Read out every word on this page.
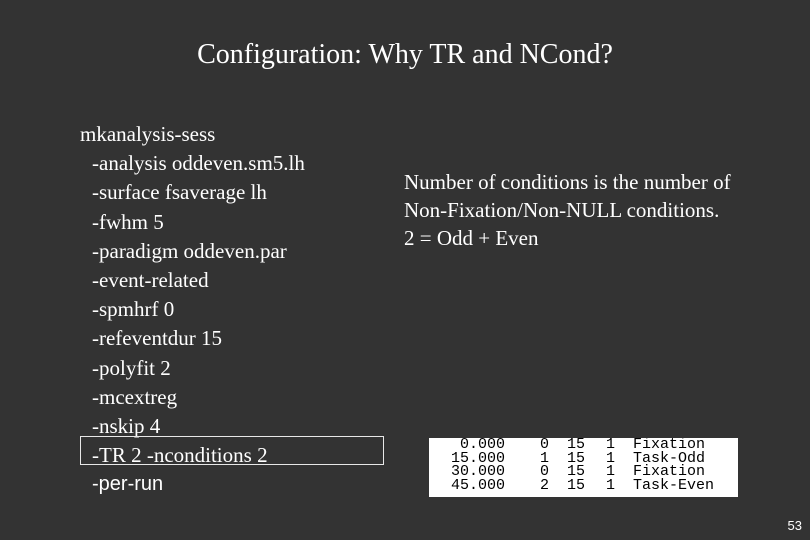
Configuration: Why TR and NCond?
mkanalysis-sess
-analysis oddeven.sm5.lh
-surface fsaverage lh
-fwhm 5
-paradigm oddeven.par
-event-related
-spmhrf 0
-refeventdur 15
-polyfit 2
-mcextreg
-nskip 4
-TR 2 -nconditions 2
-per-run
Number of conditions is the number of
Non-Fixation/Non-NULL conditions.
2 = Odd + Even
0.000	0	15	1	Fixation
15.000	1	15	1	Task-Odd
30.000	0	15	1	Fixation
45.000	2	15	1	Task-Even
53
